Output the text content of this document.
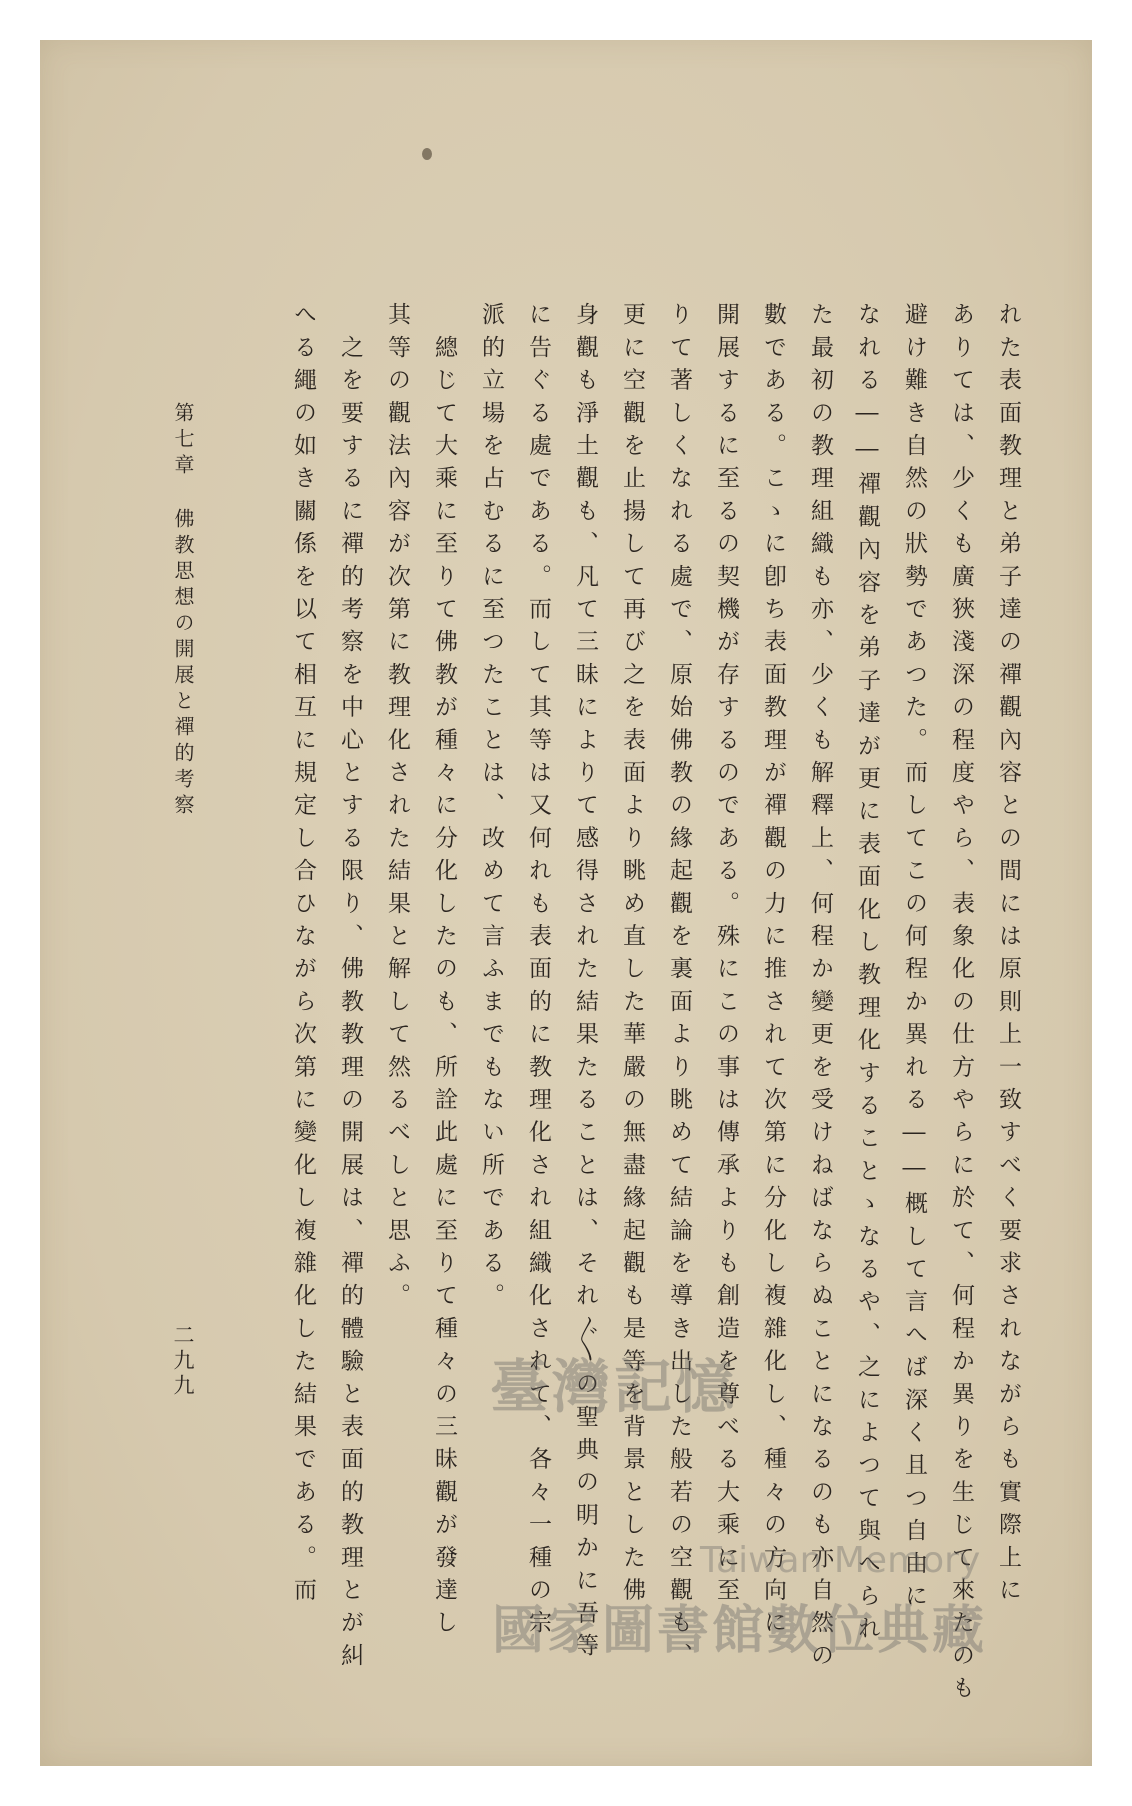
れた表面教理と弟子達の禪觀內容との間には原則上一致すべく要求されながらも實際上に
ありては、少くも廣狹淺深の程度やら、表象化の仕方やらに於て、何程か異りを生じて來たのも
避け難き自然の狀勢であつた。而してこの何程か異れる――概して言へば深く且つ自由に
なれる――禪觀內容を弟子達が更に表面化し教理化することゝなるや、之によつて與へられ
た最初の教理組織も亦、少くも解釋上、何程か變更を受けねばならぬことになるのも亦自然の
數である。こゝに卽ち表面教理が禪觀の力に推されて次第に分化し複雜化し、種々の方向に
開展するに至るの契機が存するのである。殊にこの事は傳承よりも創造を尊べる大乘に至
りて著しくなれる處で、原始佛教の緣起觀を裏面より眺めて結論を導き出した般若の空觀も、
更に空觀を止揚して再び之を表面より眺め直した華嚴の無盡緣起觀も是等を背景とした佛
身觀も淨土觀も、凡て三昧によりて感得された結果たることは、それ〴〵の聖典の明かに吾等
に告ぐる處である。而して其等は又何れも表面的に教理化され組織化されて、各々一種の宗
派的立場を占むるに至つたことは、改めて言ふまでもない所である。
　總じて大乘に至りて佛教が種々に分化したのも、所詮此處に至りて種々の三昧觀が發達し
其等の觀法內容が次第に教理化された結果と解して然るべしと思ふ。
　之を要するに禪的考察を中心とする限り、佛教教理の開展は、禪的體驗と表面的教理とが糾
へる繩の如き關係を以て相互に規定し合ひながら次第に變化し複雜化した結果である。而
第七章佛教思想の開展と禪的考察
二九九	臺灣記憶
Taiwan Memory
國家圖書館數位典藏
